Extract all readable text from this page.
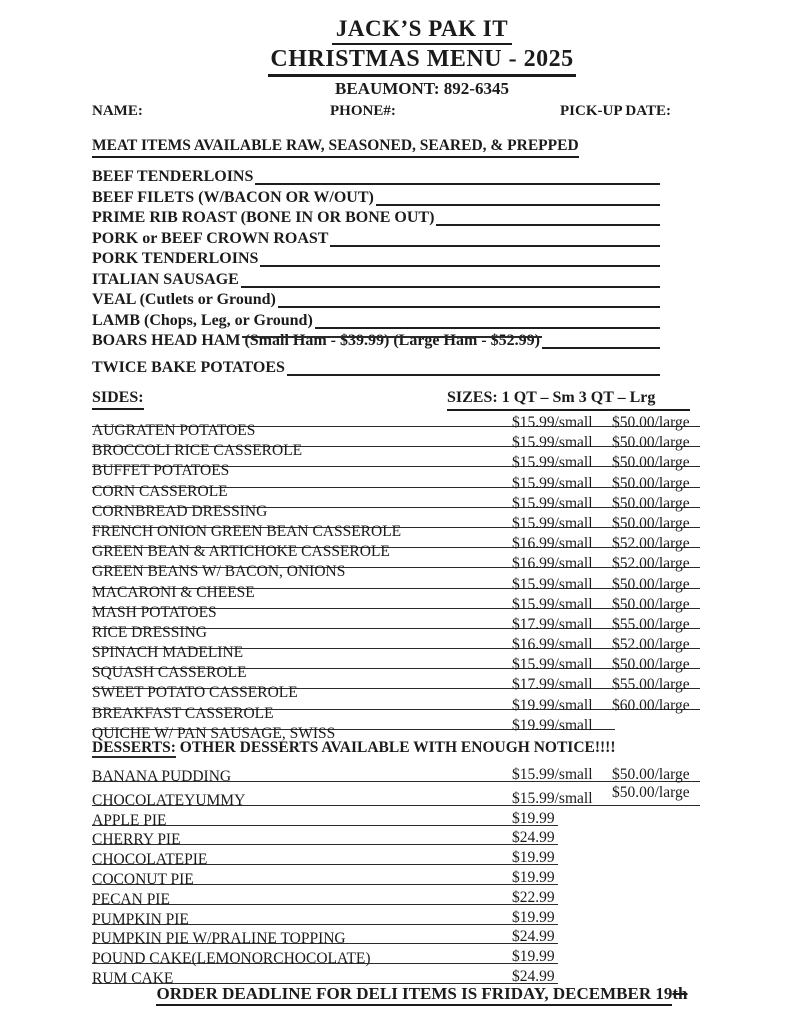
JACK’S PAK IT
CHRISTMAS MENU - 2025
BEAUMONT: 892-6345
NAME:	PHONE#:	PICK-UP DATE:
MEAT ITEMS AVAILABLE RAW, SEASONED, SEARED, & PREPPED
BEEF TENDERLOINS
BEEF FILETS (W/BACON OR W/OUT)
PRIME RIB ROAST (BONE IN OR BONE OUT)
PORK or BEEF CROWN ROAST
PORK TENDERLOINS
ITALIAN SAUSAGE
VEAL (Cutlets or Ground)
LAMB (Chops, Leg, or Ground)
BOARS HEAD HAM (Small Ham - $39.99) (Large Ham - $52.99)
TWICE BAKE POTATOES
SIDES:	SIZES: 1 QT – Sm 3 QT – Lrg
AUGRATEN POTATOES	$15.99/small $50.00/large
BROCCOLI RICE CASSEROLE	$15.99/small $50.00/large
BUFFET POTATOES	$15.99/small $50.00/large
CORN CASSEROLE	$15.99/small $50.00/large
CORNBREAD DRESSING	$15.99/small $50.00/large
FRENCH ONION GREEN BEAN CASSEROLE	$15.99/small $50.00/large
GREEN BEAN & ARTICHOKE CASSEROLE	$16.99/small $52.00/large
GREEN BEANS W/ BACON, ONIONS	$16.99/small $52.00/large
MACARONI & CHEESE	$15.99/small $50.00/large
MASH POTATOES	$15.99/small $50.00/large
RICE DRESSING	$17.99/small $55.00/large
SPINACH MADELINE	$16.99/small $52.00/large
SQUASH CASSEROLE	$15.99/small $50.00/large
SWEET POTATO CASSEROLE	$17.99/small $55.00/large
BREAKFAST CASSEROLE	$19.99/small $60.00/large
QUICHE W/ PAN SAUSAGE, SWISS	$19.99/small
DESSERTS: OTHER DESSERTS AVAILABLE WITH ENOUGH NOTICE!!!!
BANANA PUDDING	$15.99/small $50.00/large
CHOCOLATEYUMMY	$15.99/small $50.00/large
APPLE PIE	$19.99
CHERRY PIE	$24.99
CHOCOLATEPIE	$19.99
COCONUT PIE	$19.99
PECAN PIE	$22.99
PUMPKIN PIE	$19.99
PUMPKIN PIE W/PRALINE TOPPING	$24.99
POUND CAKE(LEMONORCHOCOLATE)	$19.99
RUM CAKE	$24.99
ORDER DEADLINE FOR DELI ITEMS IS FRIDAY, DECEMBER 19th
